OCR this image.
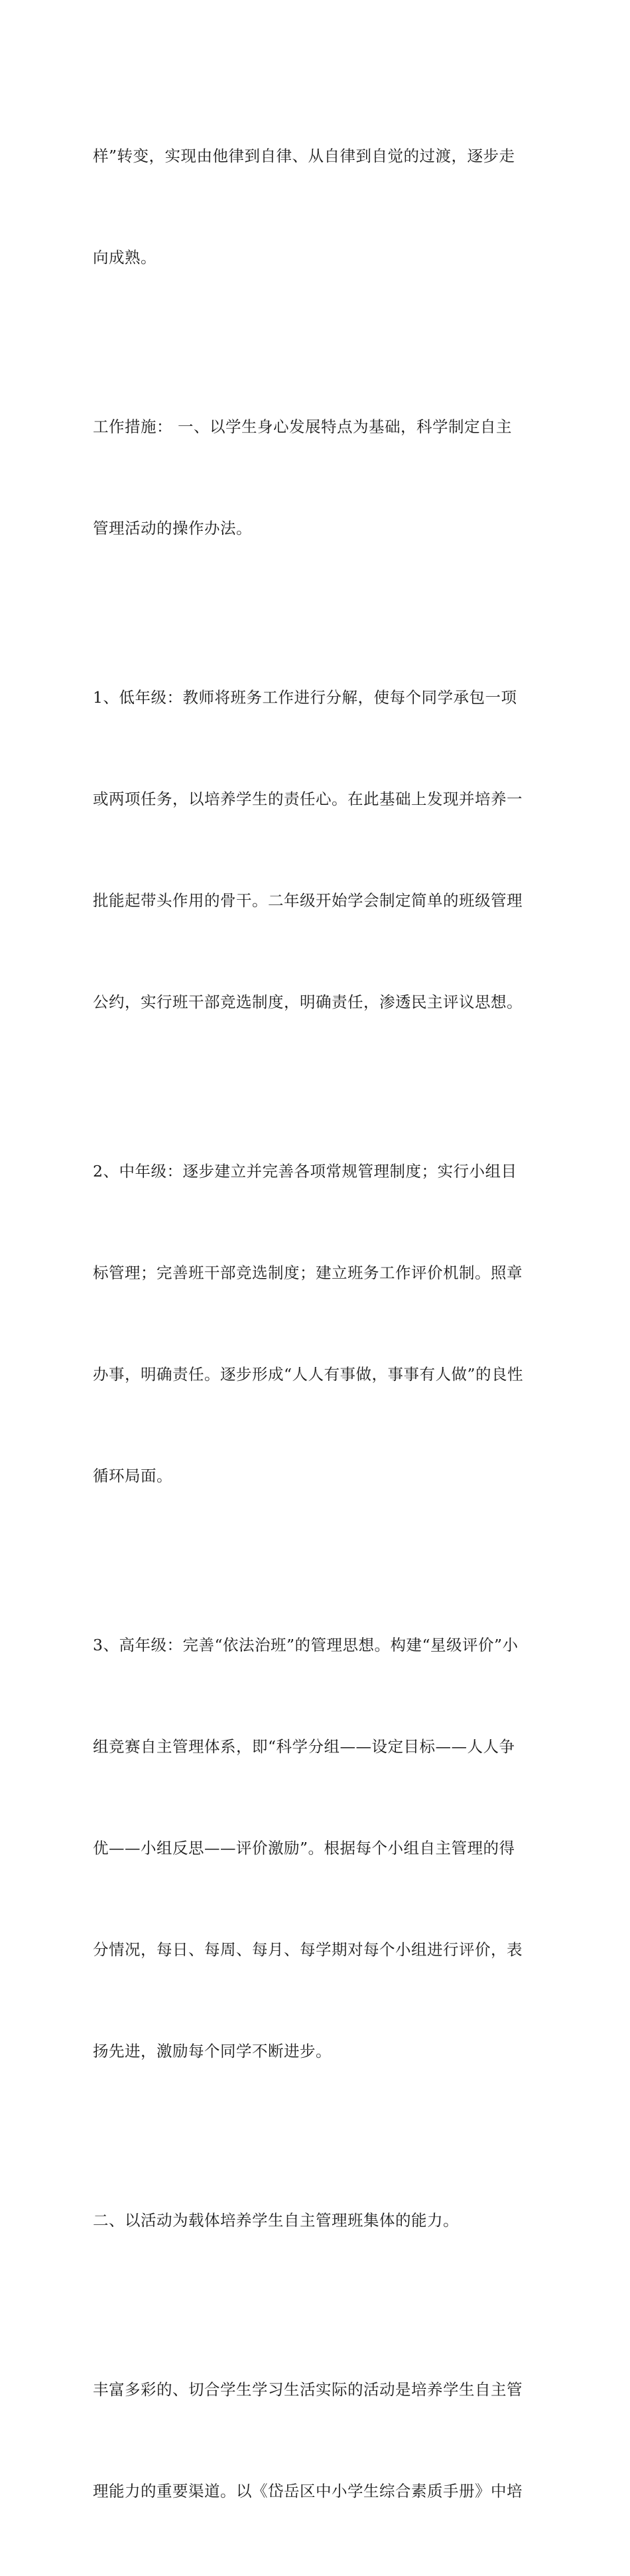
样”转变，实现由他律到自律、从自律到自觉的过渡，逐步走

向成熟。

工作措施： 一、以学生身心发展特点为基础，科学制定自主

管理活动的操作办法。

1、低年级：教师将班务工作进行分解，使每个同学承包一项

或两项任务，以培养学生的责任心。在此基础上发现并培养一

批能起带头作用的骨干。二年级开始学会制定简单的班级管理

公约，实行班干部竞选制度，明确责任，渗透民主评议思想。

2、中年级：逐步建立并完善各项常规管理制度；实行小组目

标管理；完善班干部竞选制度；建立班务工作评价机制。照章

办事，明确责任。逐步形成“人人有事做，事事有人做”的良性

循环局面。

3、高年级：完善“依法治班”的管理思想。构建“星级评价”小

组竞赛自主管理体系，即“科学分组——设定目标——人人争

优——小组反思——评价激励”。根据每个小组自主管理的得

分情况，每日、每周、每月、每学期对每个小组进行评价，表

扬先进，激励每个同学不断进步。

二、以活动为载体培养学生自主管理班集体的能力。

丰富多彩的、切合学生学习生活实际的活动是培养学生自主管

理能力的重要渠道。以《岱岳区中小学生综合素质手册》中培
